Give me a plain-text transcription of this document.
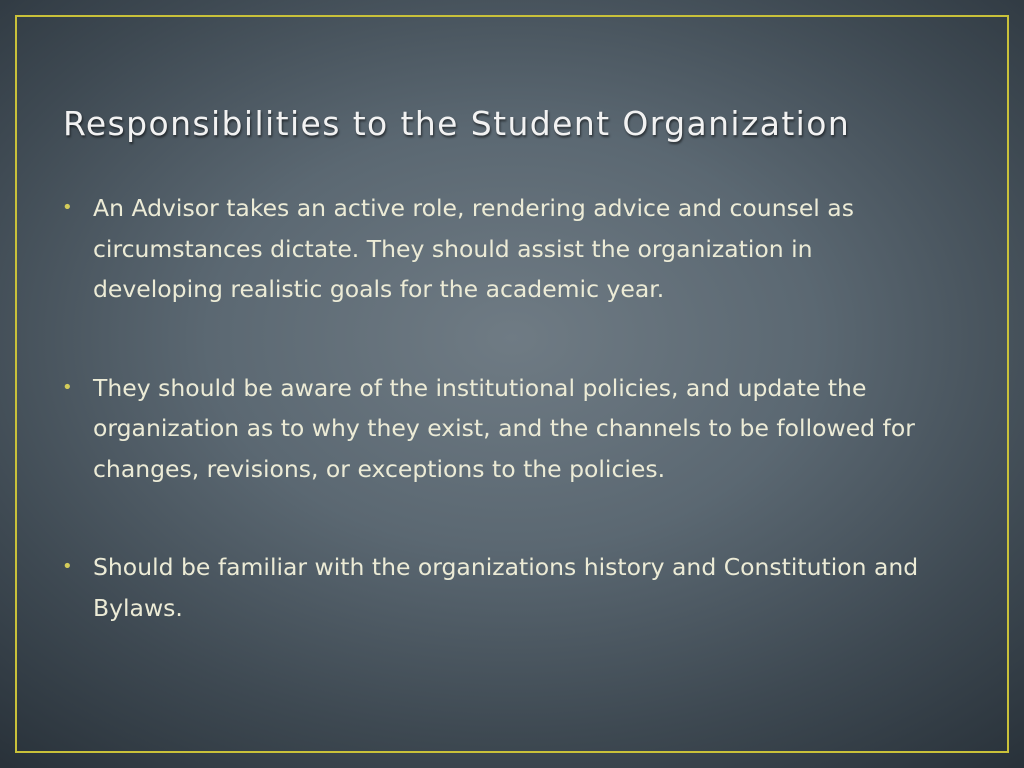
Responsibilities to the Student Organization
• An Advisor takes an active role, rendering advice and counsel as circumstances dictate. They should assist the organization in developing realistic goals for the academic year.
• They should be aware of the institutional policies, and update the organization as to why they exist, and the channels to be followed for changes, revisions, or exceptions to the policies.
• Should be familiar with the organizations history and Constitution and Bylaws.
